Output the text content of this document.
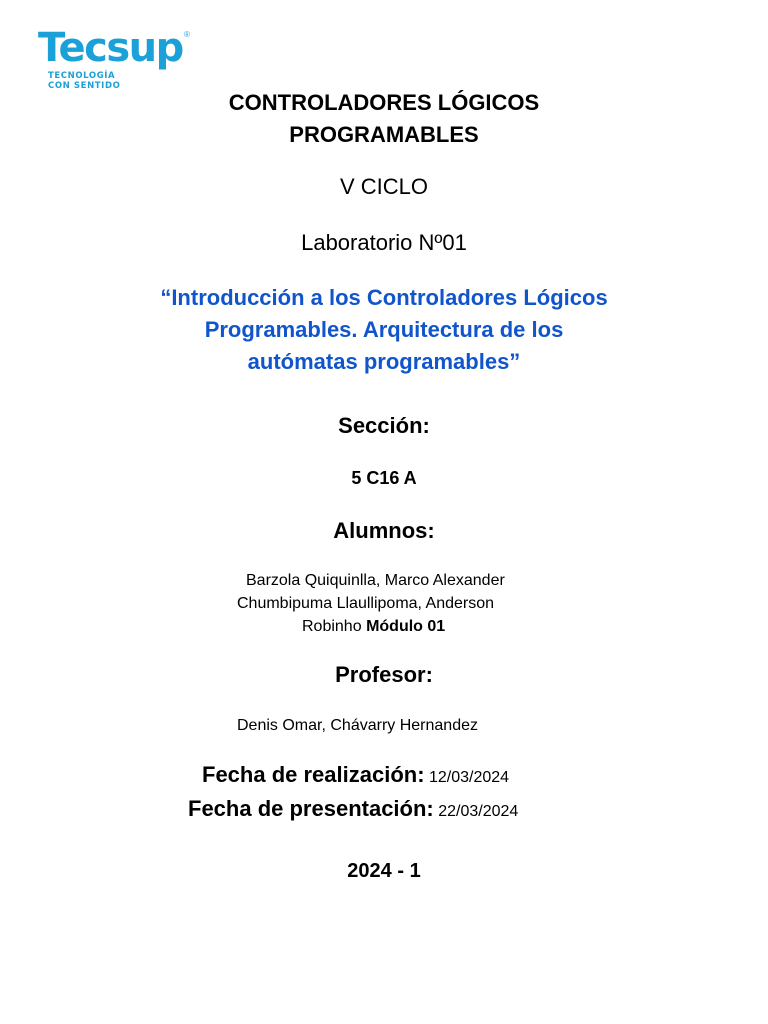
Tecsup ®
TECNOLOGÍA
CON SENTIDO
CONTROLADORES LÓGICOS
PROGRAMABLES
V CICLO
Laboratorio Nº01
“Introducción a los Controladores Lógicos
Programables. Arquitectura de los
autómatas programables”
Sección:
5 C16 A
Alumnos:
Barzola Quiquinlla, Marco Alexander
Chumbipuma Llaullipoma, Anderson
Robinho Módulo 01
Profesor:
Denis Omar, Chávarry Hernandez
Fecha de realización: 12/03/2024
Fecha de presentación: 22/03/2024
2024 - 1
